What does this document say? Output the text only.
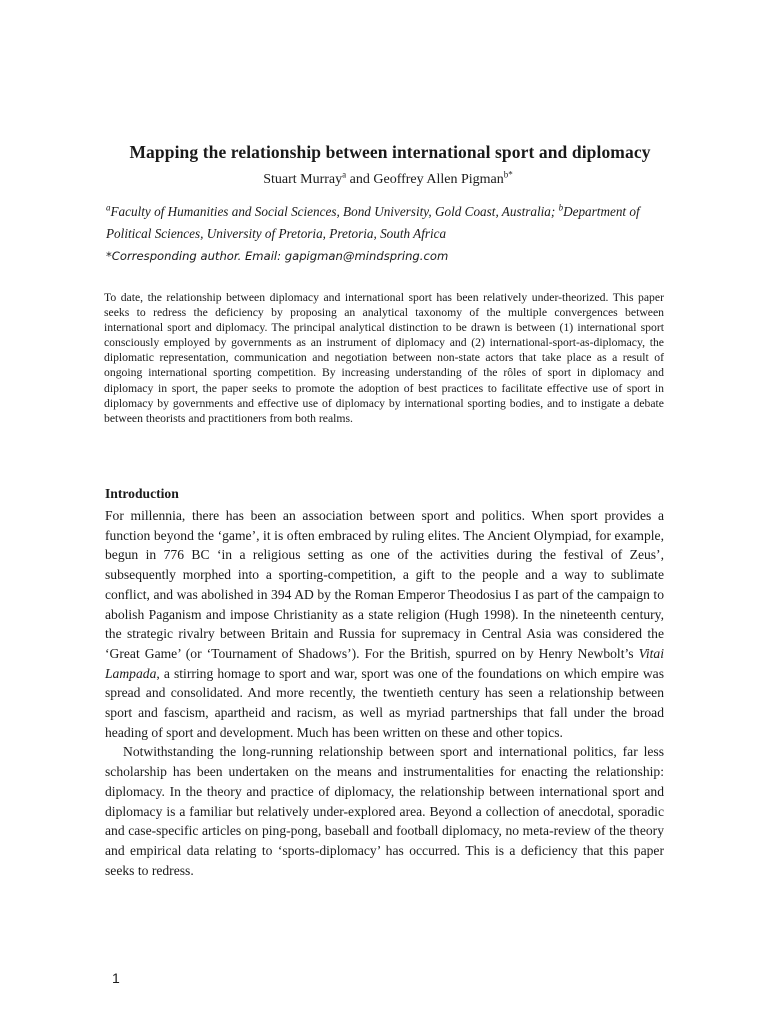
Mapping the relationship between international sport and diplomacy
Stuart Murray$^a$ and Geoffrey Allen Pigman$^{b*}$
$^a$Faculty of Humanities and Social Sciences, Bond University, Gold Coast, Australia; $^b$Department of Political Sciences, University of Pretoria, Pretoria, South Africa
*Corresponding author. Email: gapigman@mindspring.com
To date, the relationship between diplomacy and international sport has been relatively under-theorized. This paper seeks to redress the deficiency by proposing an analytical taxonomy of the multiple convergences between international sport and diplomacy. The principal analytical distinction to be drawn is between (1) international sport consciously employed by governments as an instrument of diplomacy and (2) international-sport-as-diplomacy, the diplomatic representation, communication and negotiation between non-state actors that take place as a result of ongoing international sporting competition. By increasing understanding of the rôles of sport in diplomacy and diplomacy in sport, the paper seeks to promote the adoption of best practices to facilitate effective use of sport in diplomacy by governments and effective use of diplomacy by international sporting bodies, and to instigate a debate between theorists and practitioners from both realms.
Introduction

For millennia, there has been an association between sport and politics. When sport provides a function beyond the ‘game’, it is often embraced by ruling elites. The Ancient Olympiad, for example, begun in 776 BC ‘in a religious setting as one of the activities during the festival of Zeus’, subsequently morphed into a sporting-competition, a gift to the people and a way to sublimate conflict, and was abolished in 394 AD by the Roman Emperor Theodosius I as part of the campaign to abolish Paganism and impose Christianity as a state religion (Hugh 1998). In the nineteenth century, the strategic rivalry between Britain and Russia for supremacy in Central Asia was considered the ‘Great Game’ (or ‘Tournament of Shadows’). For the British, spurred on by Henry Newbolt’s Vitai Lampada, a stirring homage to sport and war, sport was one of the foundations on which empire was spread and consolidated. And more recently, the twentieth century has seen a relationship between sport and fascism, apartheid and racism, as well as myriad partnerships that fall under the broad heading of sport and development. Much has been written on these and other topics.

Notwithstanding the long-running relationship between sport and international politics, far less scholarship has been undertaken on the means and instrumentalities for enacting the relationship: diplomacy. In the theory and practice of diplomacy, the relationship between international sport and diplomacy is a familiar but relatively under-explored area. Beyond a collection of anecdotal, sporadic and case-specific articles on ping-pong, baseball and football diplomacy, no meta-review of the theory and empirical data relating to ‘sports-diplomacy’ has occurred. This is a deficiency that this paper seeks to redress.

1
